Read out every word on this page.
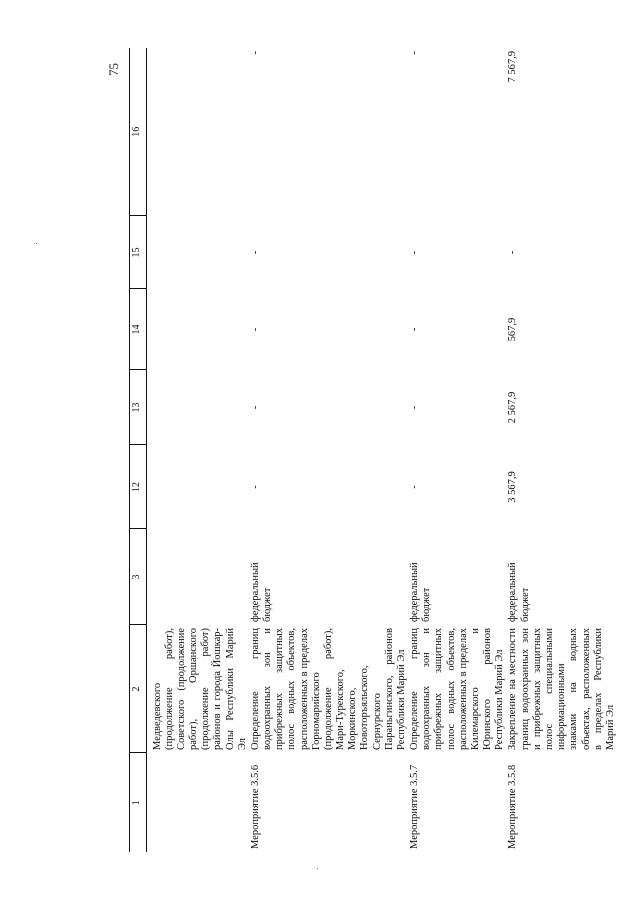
75
1	2	3	12	13	14	15	16

	Медведевского (продолжение работ), Советского (продолжение работ), Оршанского (продолжение работ) районов и города Йошкар-Олы Республики Марий Эл						
Мероприятие 3.5.6	Определение границ водоохранных зон и прибрежных защитных полос водных объектов, расположенных в пределах Горномарийского (продолжение работ), Мари-Турекского, Моркинского, Новоторъяльского, Сернурского Параньгинского, районов Республики Марий Эл	федеральный бюджет	-	-	-	-	-
Мероприятие 3.5.7	Определение границ водоохранных зон и прибрежных защитных полос водных объектов, расположенных в пределах Килемарского и Юринского районов Республики Марий Эл	федеральный бюджет	-	-	-	-	-
Мероприятие 3.5.8	Закрепление на местности границ водоохранных зон и прибрежных защитных полос специальными информационными знаками на водных объектах, расположенных в пределах Республики Марий Эл	федеральный бюджет	3 567,9	2 567,9	567,9	-	7 567,9
